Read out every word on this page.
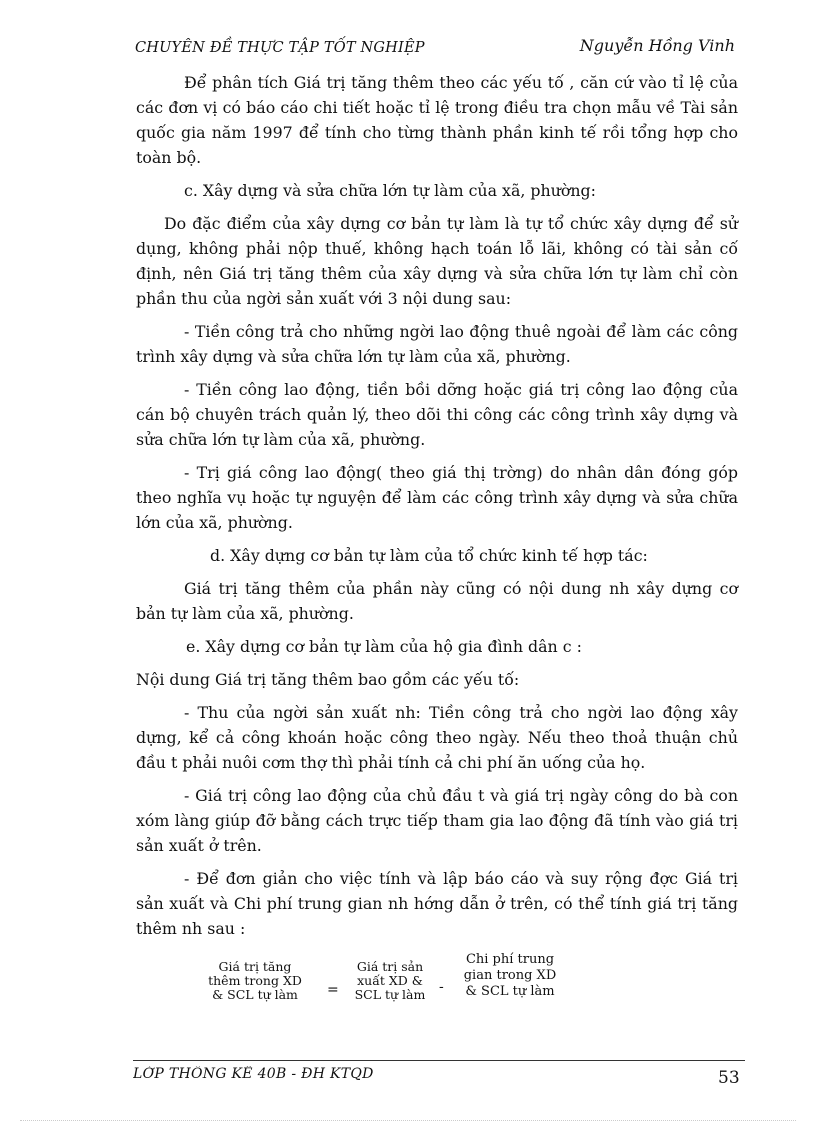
CHUYÊN ĐỀ THỰC TẬP TỐT NGHIỆP	Nguyễn Hồng Vinh

Để phân tích Giá trị tăng thêm theo các yếu tố , căn cứ vào tỉ lệ của các đơn vị có báo cáo chi tiết hoặc tỉ lệ trong điều tra chọn mẫu về Tài sản quốc gia năm 1997 để tính cho từng thành phần kinh tế rồi tổng hợp cho toàn bộ.

c. Xây dựng và sửa chữa lớn tự làm của xã, phường:

Do đặc điểm của xây dựng cơ bản tự làm là tự tổ chức xây dựng để sử dụng, không phải nộp thuế, không hạch toán lỗ lãi, không có tài sản cố định, nên Giá trị tăng thêm của xây dựng và sửa chữa lớn tự làm chỉ còn phần thu của ngời sản xuất với 3 nội dung sau:

- Tiền công trả cho những ngời lao động thuê ngoài để làm các công trình xây dựng và sửa chữa lớn tự làm của xã, phường.

- Tiền công lao động, tiền bồi dỡng hoặc giá trị công lao động của cán bộ chuyên trách quản lý, theo dõi thi công các công trình xây dựng và sửa chữa lớn tự làm của xã, phường.

- Trị giá công lao động( theo giá thị trờng) do nhân dân đóng góp theo nghĩa vụ hoặc tự nguyện để làm các công trình xây dựng và sửa chữa lớn của xã, phường.

d. Xây dựng cơ bản tự làm của tổ chức kinh tế hợp tác:

Giá trị tăng thêm của phần này cũng có nội dung nh xây dựng cơ bản tự làm của xã, phường.

e. Xây dựng cơ bản tự làm của hộ gia đình dân c :

Nội dung Giá trị tăng thêm bao gồm các yếu tố:

- Thu của ngời sản xuất nh: Tiền công trả cho ngời lao động xây dựng, kể cả công khoán hoặc công theo ngày. Nếu theo thoả thuận chủ đầu t phải nuôi cơm thợ thì phải tính cả chi phí ăn uống của họ.

- Giá trị công lao động của chủ đầu t và giá trị ngày công do bà con xóm làng giúp đỡ bằng cách trực tiếp tham gia lao động đã tính vào giá trị sản xuất ở trên.

- Để đơn giản cho việc tính và lập báo cáo và suy rộng đợc Giá trị sản xuất và Chi phí trung gian nh hớng dẫn ở trên, có thể tính giá trị tăng thêm nh sau :

Giá trị tăng thêm trong XD & SCL tự làm	=
Giá trị sản xuất XD & SCL tự làm -
Chi phí trung gian trong XD & SCL tự làm
LỚP THỐNG KÊ 40B - ĐH KTQD	53
